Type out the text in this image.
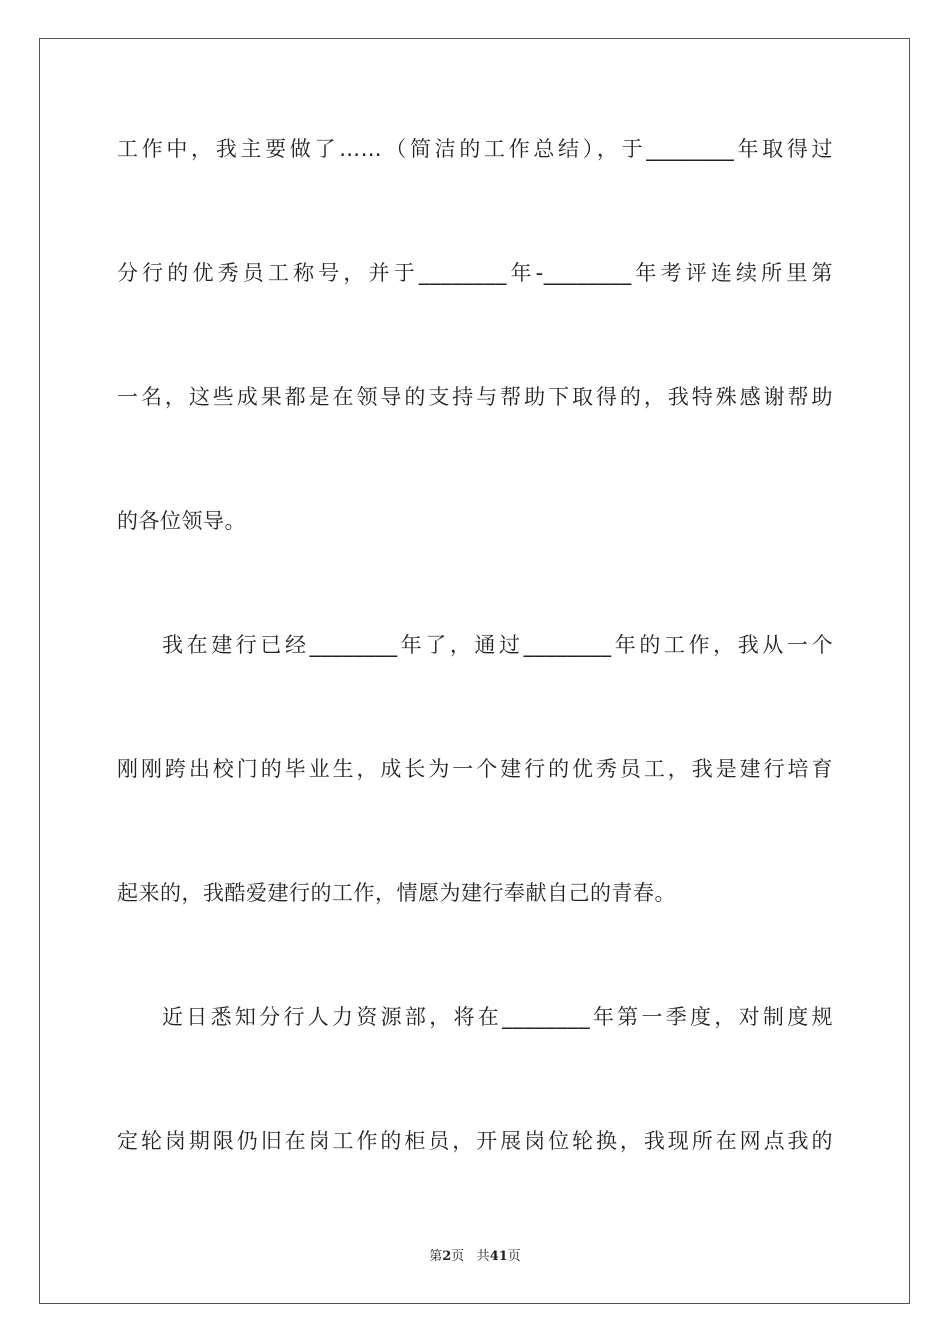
工作中，我主要做了……（简洁的工作总结），于________年取得过
分行的优秀员工称号，并于________年-________年考评连续所里第
一名，这些成果都是在领导的支持与帮助下取得的，我特殊感谢帮助
的各位领导。
我在建行已经________年了，通过________年的工作，我从一个
刚刚跨出校门的毕业生，成长为一个建行的优秀员工，我是建行培育
起来的，我酷爱建行的工作，情愿为建行奉献自己的青春。
近日悉知分行人力资源部，将在________年第一季度，对制度规
定轮岗期限仍旧在岗工作的柜员，开展岗位轮换，我现所在网点我的
第2页 共41页
